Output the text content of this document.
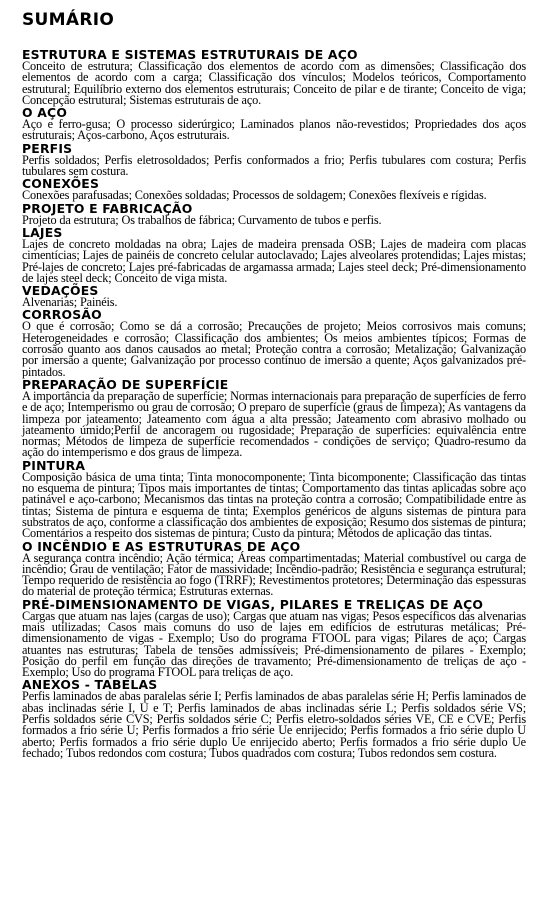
SUMÁRIO
ESTRUTURA E SISTEMAS ESTRUTURAIS DE AÇO

Conceito de estrutura; Classificação dos elementos de acordo com as dimensões; Classificação dos elementos de acordo com a carga; Classificação dos vínculos; Modelos teóricos, Comportamento estrutural; Equilíbrio externo dos elementos estruturais; Conceito de pilar e de tirante; Conceito de viga; Concepção estrutural; Sistemas estruturais de aço.

O AÇO

Aço e ferro-gusa; O processo siderúrgico; Laminados planos não-revestidos; Propriedades dos aços estruturais; Aços-carbono, Aços estruturais.

PERFIS

Perfis soldados; Perfis eletrosoldados; Perfis conformados a frio; Perfis tubulares com costura; Perfis tubulares sem costura.

CONEXÕES

Conexões parafusadas; Conexões soldadas; Processos de soldagem; Conexões flexíveis e rígidas.

PROJETO E FABRICAÇÃO

Projeto da estrutura; Os trabalhos de fábrica; Curvamento de tubos e perfis.

LAJES

Lajes de concreto moldadas na obra; Lajes de madeira prensada OSB; Lajes de madeira com placas cimentícias; Lajes de painéis de concreto celular autoclavado; Lajes alveolares protendidas; Lajes mistas; Pré-lajes de concreto; Lajes pré-fabricadas de argamassa armada; Lajes steel deck; Pré-dimensionamento de lajes steel deck; Conceito de viga mista.

VEDAÇÕES

Alvenarias; Painéis.

CORROSÃO

O que é corrosão; Como se dá a corrosão; Precauções de projeto; Meios corrosivos mais comuns; Heterogeneidades e corrosão; Classificação dos ambientes; Os meios ambientes típicos; Formas de corrosão quanto aos danos causados ao metal; Proteção contra a corrosão; Metalização; Galvanização por imersão a quente; Galvanização por processo contínuo de imersão a quente; Aços galvanizados pré-pintados.

PREPARAÇÃO DE SUPERFÍCIE

A importância da preparação de superfície; Normas internacionais para preparação de superfícies de ferro e de aço; Intemperismo ou grau de corrosão; O preparo de superfície (graus de limpeza); As vantagens da limpeza por jateamento; Jateamento com água a alta pressão; Jateamento com abrasivo molhado ou jateamento úmido;Perfil de ancoragem ou rugosidade; Preparação de superfícies: equivalência entre normas; Métodos de limpeza de superfície recomendados - condições de serviço; Quadro-resumo da ação do intemperismo e dos graus de limpeza.

PINTURA

Composição básica de uma tinta; Tinta monocomponente; Tinta bicomponente; Classificação das tintas no esquema de pintura; Tipos mais importantes de tintas; Comportamento das tintas aplicadas sobre aço patinável e aço-carbono; Mecanismos das tintas na proteção contra a corrosão; Compatibilidade entre as tintas; Sistema de pintura e esquema de tinta; Exemplos genéricos de alguns sistemas de pintura para substratos de aço, conforme a classificação dos ambientes de exposição; Resumo dos sistemas de pintura; Comentários a respeito dos sistemas de pintura; Custo da pintura; Métodos de aplicação das tintas.

O INCÊNDIO E AS ESTRUTURAS DE AÇO

A segurança contra incêndio; Ação térmica; Áreas compartimentadas; Material combustível ou carga de incêndio; Grau de ventilação; Fator de massividade; Incêndio-padrão; Resistência e segurança estrutural; Tempo requerido de resistência ao fogo (TRRF); Revestimentos protetores; Determinação das espessuras do material de proteção térmica; Estruturas externas.

PRÉ-DIMENSIONAMENTO DE VIGAS, PILARES E TRELIÇAS DE AÇO

Cargas que atuam nas lajes (cargas de uso); Cargas que atuam nas vigas; Pesos específicos das alvenarias mais utilizadas; Casos mais comuns do uso de lajes em edifícios de estruturas metálicas; Pré-dimensionamento de vigas - Exemplo; Uso do programa FTOOL para vigas; Pilares de aço; Cargas atuantes nas estruturas; Tabela de tensões admissíveis; Pré-dimensionamento de pilares - Exemplo; Posição do perfil em função das direções de travamento; Pré-dimensionamento de treliças de aço - Exemplo; Uso do programa FTOOL para treliças de aço.

ANEXOS - TABELAS

Perfis laminados de abas paralelas série I; Perfis laminados de abas paralelas série H; Perfis laminados de abas inclinadas série I, U e T; Perfis laminados de abas inclinadas série L; Perfis soldados série VS; Perfis soldados série CVS; Perfis soldados série C; Perfis eletro-soldados séries VE, CE e CVE; Perfis formados a frio série U; Perfis formados a frio série Ue enrijecido; Perfis formados a frio série duplo U aberto; Perfis formados a frio série duplo Ue enrijecido aberto; Perfis formados a frio série duplo Ue fechado; Tubos redondos com costura; Tubos quadrados com costura; Tubos redondos sem costura.
